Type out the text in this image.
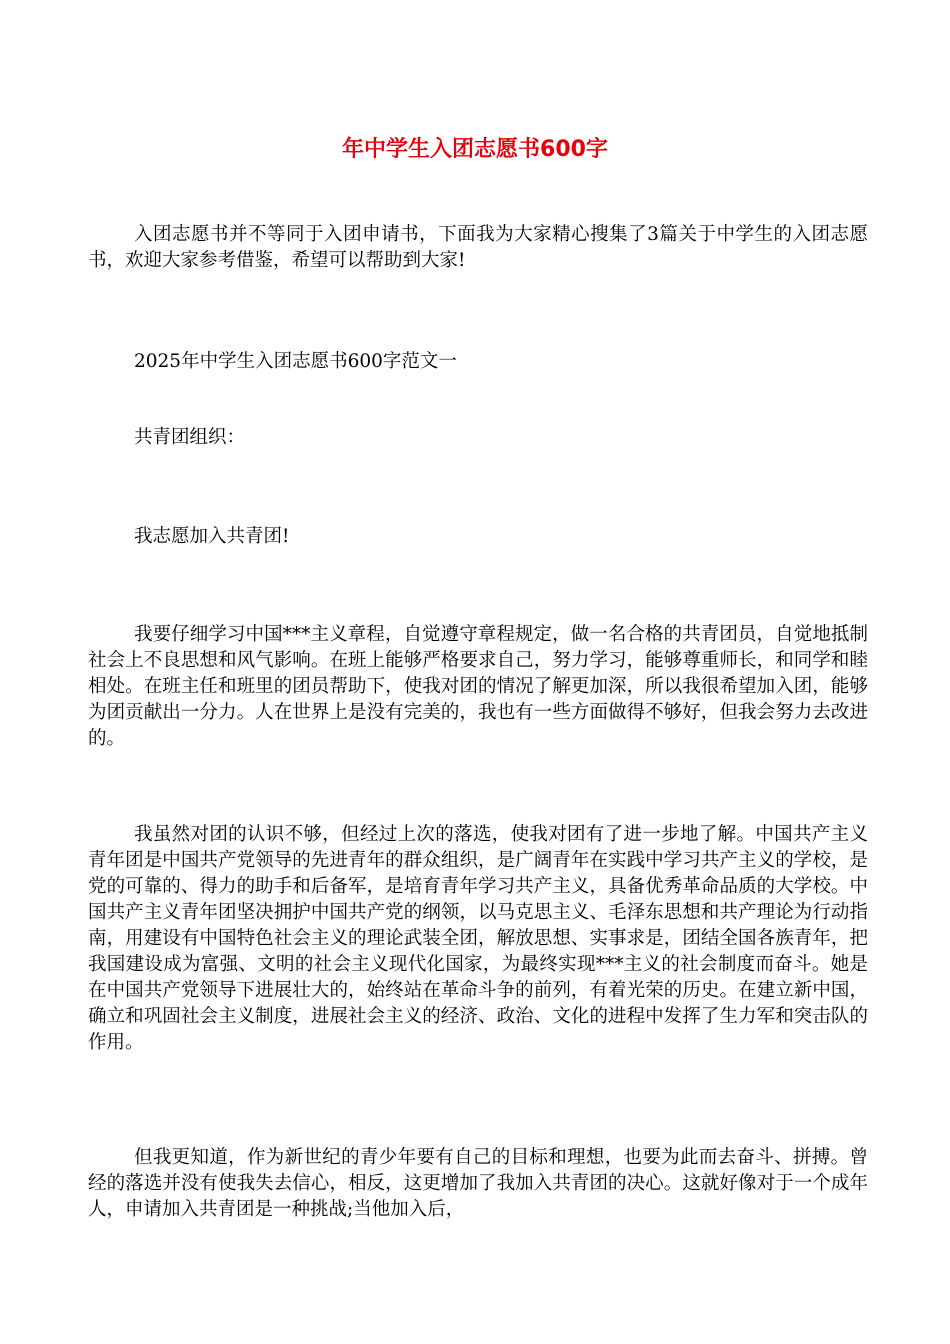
年中学生入团志愿书600字

入团志愿书并不等同于入团申请书，下面我为大家精心搜集了3篇关于中学生的入团志愿书，欢迎大家参考借鉴，希望可以帮助到大家!

2025年中学生入团志愿书600字范文一

共青团组织：

我志愿加入共青团!

我要仔细学习中国***主义章程，自觉遵守章程规定，做一名合格的共青团员，自觉地抵制社会上不良思想和风气影响。在班上能够严格要求自己，努力学习，能够尊重师长，和同学和睦相处。在班主任和班里的团员帮助下，使我对团的情况了解更加深，所以我很希望加入团，能够为团贡献出一分力。人在世界上是没有完美的，我也有一些方面做得不够好，但我会努力去改进的。

我虽然对团的认识不够，但经过上次的落选，使我对团有了进一步地了解。中国共产主义青年团是中国共产党领导的先进青年的群众组织，是广阔青年在实践中学习共产主义的学校，是党的可靠的、得力的助手和后备军，是培育青年学习共产主义，具备优秀革命品质的大学校。中国共产主义青年团坚决拥护中国共产党的纲领，以马克思主义、毛泽东思想和共产理论为行动指南，用建设有中国特色社会主义的理论武装全团，解放思想、实事求是，团结全国各族青年，把我国建设成为富强、文明的社会主义现代化国家，为最终实现***主义的社会制度而奋斗。她是在中国共产党领导下进展壮大的，始终站在革命斗争的前列，有着光荣的历史。在建立新中国，确立和巩固社会主义制度，进展社会主义的经济、政治、文化的进程中发挥了生力军和突击队的作用。

但我更知道，作为新世纪的青少年要有自己的目标和理想，也要为此而去奋斗、拼搏。曾经的落选并没有使我失去信心，相反，这更增加了我加入共青团的决心。这就好像对于一个成年人，申请加入共青团是一种挑战;当他加入后，
